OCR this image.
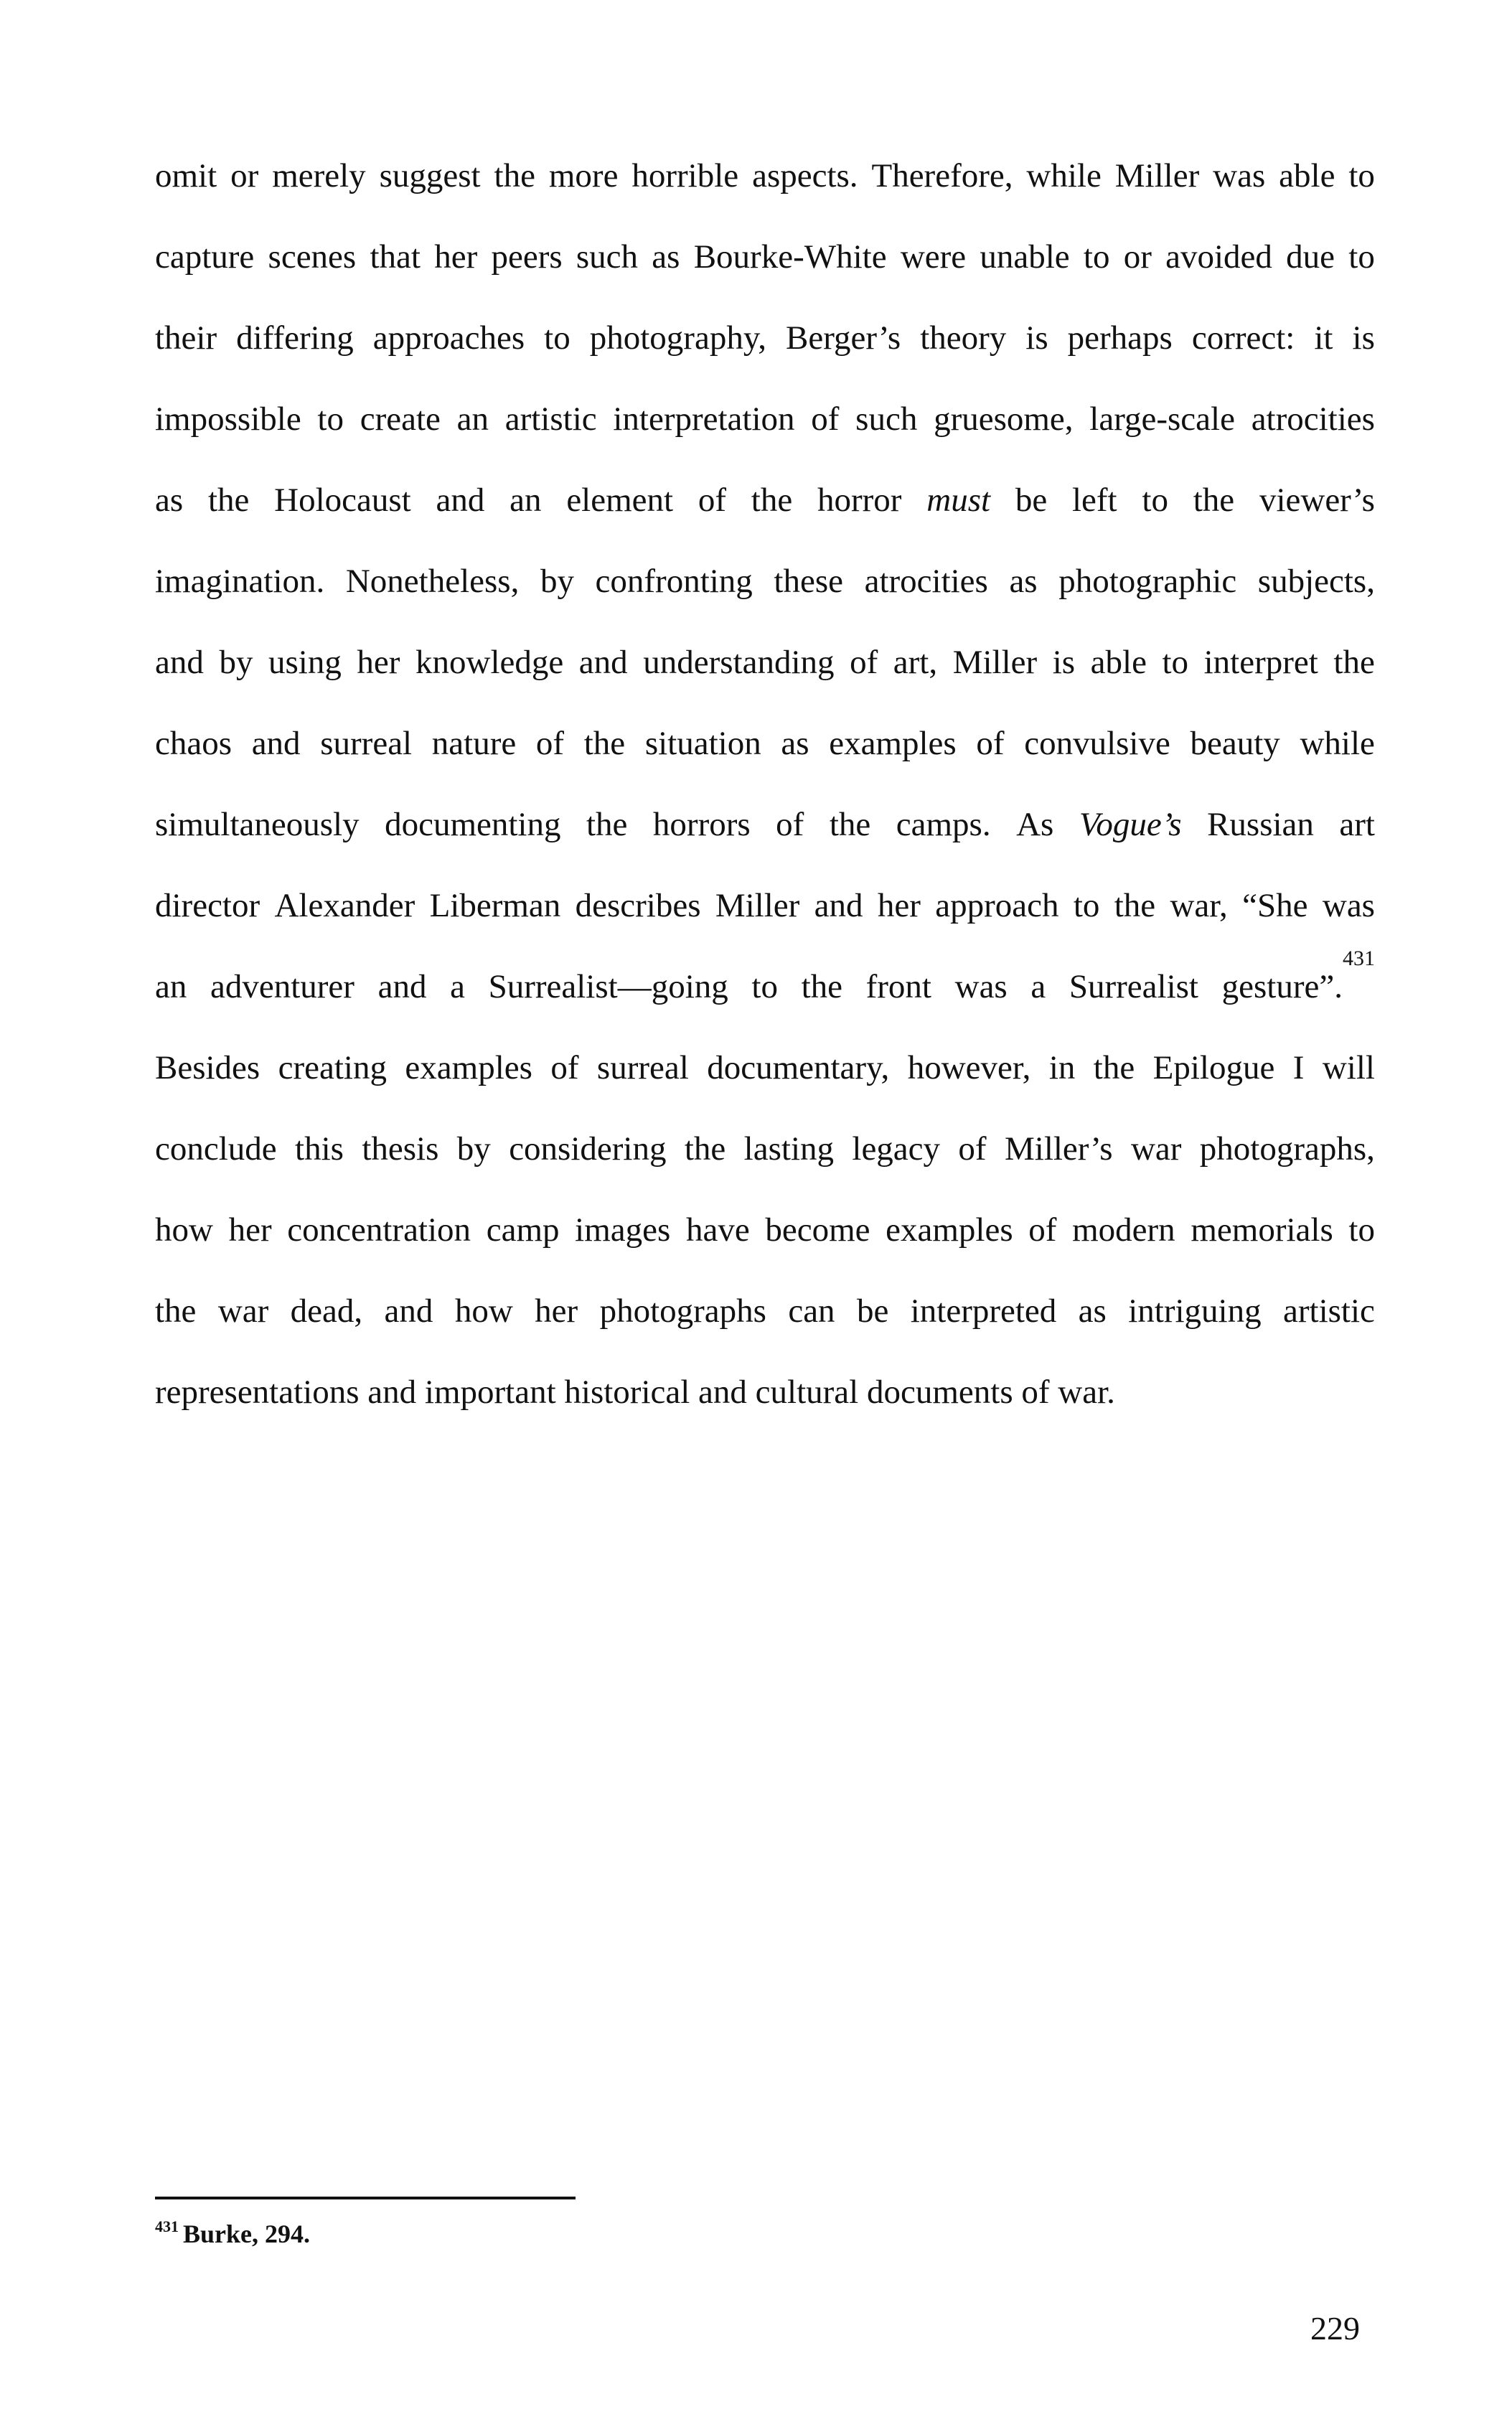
omit or merely suggest the more horrible aspects. Therefore, while Miller was able to
capture scenes that her peers such as Bourke-White were unable to or avoided due to
their differing approaches to photography, Berger’s theory is perhaps correct: it is
impossible to create an artistic interpretation of such gruesome, large-scale atrocities
as the Holocaust and an element of the horror must be left to the viewer’s
imagination. Nonetheless, by confronting these atrocities as photographic subjects,
and by using her knowledge and understanding of art, Miller is able to interpret the
chaos and surreal nature of the situation as examples of convulsive beauty while
simultaneously documenting the horrors of the camps. As Vogue’s Russian art
director Alexander Liberman describes Miller and her approach to the war, “She was
an adventurer and a Surrealist—going to the front was a Surrealist gesture”.$^{431}$
Besides creating examples of surreal documentary, however, in the Epilogue I will
conclude this thesis by considering the lasting legacy of Miller’s war photographs,
how her concentration camp images have become examples of modern memorials to
the war dead, and how her photographs can be interpreted as intriguing artistic
representations and important historical and cultural documents of war.
$^{431}$ Burke, 294.
229
